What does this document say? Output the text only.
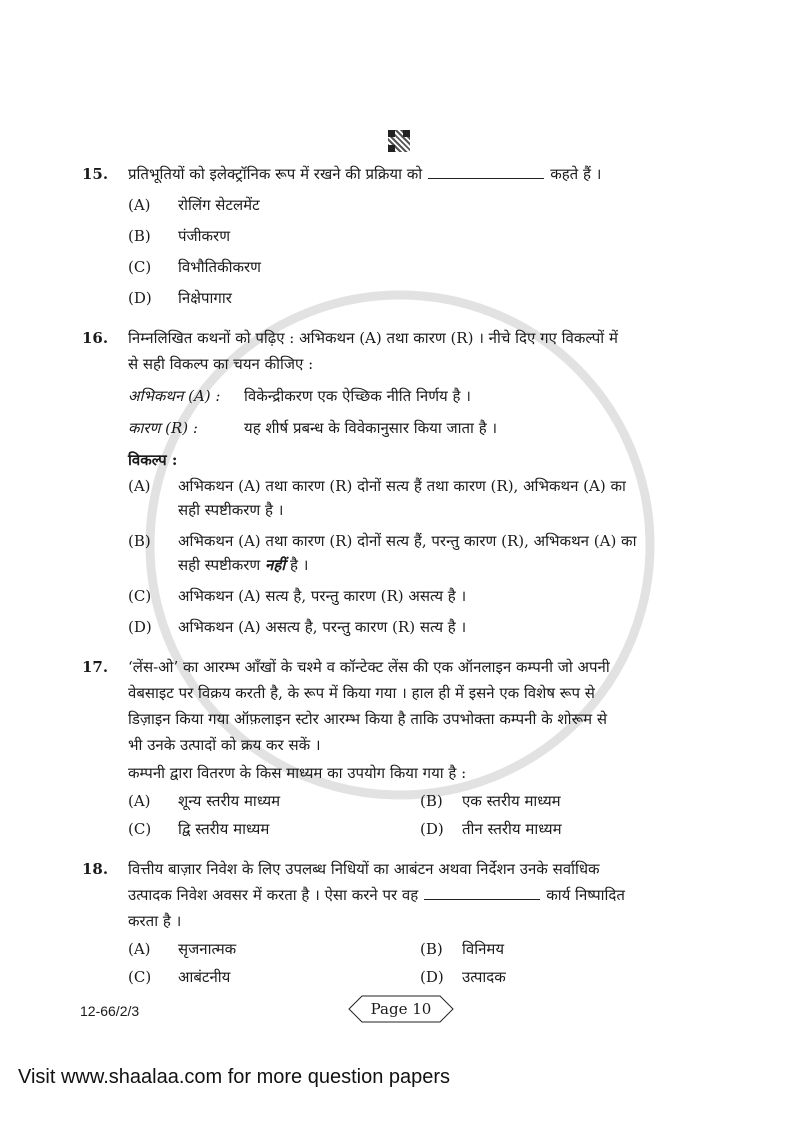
15.	प्रतिभूतियों को इलेक्ट्रॉनिक रूप में रखने की प्रक्रिया को	कहते हैं ।
(A)	रोलिंग सेटलमेंट
(B)	पंजीकरण
(C)	विभौतिकीकरण
(D)	निक्षेपागार
16.	निम्नलिखित कथनों को पढ़िए : अभिकथन (A) तथा कारण (R) । नीचे दिए गए विकल्पों में
से सही विकल्प का चयन कीजिए :
अभिकथन (A) :	विकेन्द्रीकरण एक ऐच्छिक नीति निर्णय है ।
कारण (R) :	यह शीर्ष प्रबन्ध के विवेकानुसार किया जाता है ।
विकल्प :
(A)	अभिकथन (A) तथा कारण (R) दोनों सत्य हैं तथा कारण (R), अभिकथन (A) का
सही स्पष्टीकरण है ।
(B)	अभिकथन (A) तथा कारण (R) दोनों सत्य हैं, परन्तु कारण (R), अभिकथन (A) का
सही स्पष्टीकरण नहीं है ।
(C)	अभिकथन (A) सत्य है, परन्तु कारण (R) असत्य है ।
(D)	अभिकथन (A) असत्य है, परन्तु कारण (R) सत्य है ।
17.	‘लेंस-ओ’ का आरम्भ आँखों के चश्मे व कॉन्टेक्ट लेंस की एक ऑनलाइन कम्पनी जो अपनी
वेबसाइट पर विक्रय करती है, के रूप में किया गया । हाल ही में इसने एक विशेष रूप से
डिज़ाइन किया गया ऑफ़लाइन स्टोर आरम्भ किया है ताकि उपभोक्ता कम्पनी के शोरूम से
भी उनके उत्पादों को क्रय कर सकें ।
कम्पनी द्वारा वितरण के किस माध्यम का उपयोग किया गया है :
(A)	शून्य स्तरीय माध्यम	(B)	एक स्तरीय माध्यम
(C)	द्वि स्तरीय माध्यम	(D)	तीन स्तरीय माध्यम
18.	वित्तीय बाज़ार निवेश के लिए उपलब्ध निधियों का आबंटन अथवा निर्देशन उनके सर्वाधिक
उत्पादक निवेश अवसर में करता है । ऐसा करने पर वह	कार्य निष्पादित
करता है ।
(A)	सृजनात्मक	(B)	विनिमय
(C)	आबंटनीय	(D)	उत्पादक
12-66/2/3	Page 10
Visit www.shaalaa.com for more question papers
